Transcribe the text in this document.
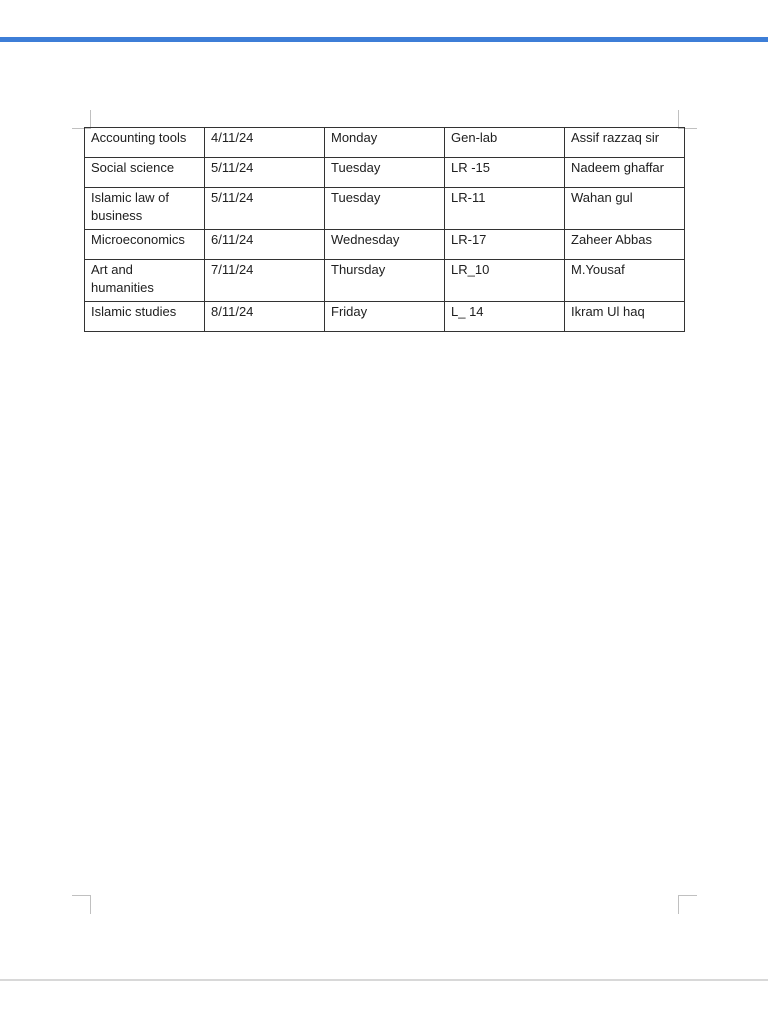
Accounting tools	4/11/24	Monday	Gen-lab	Assif razzaq sir
Social science	5/11/24	Tuesday	LR -15	Nadeem ghaffar
Islamic law of business	5/11/24	Tuesday	LR-11	Wahan gul
Microeconomics	6/11/24	Wednesday	LR-17	Zaheer Abbas
Art and humanities	7/11/24	Thursday	LR_10	M.Yousaf
Islamic studies	8/11/24	Friday	L_ 14	Ikram Ul haq
